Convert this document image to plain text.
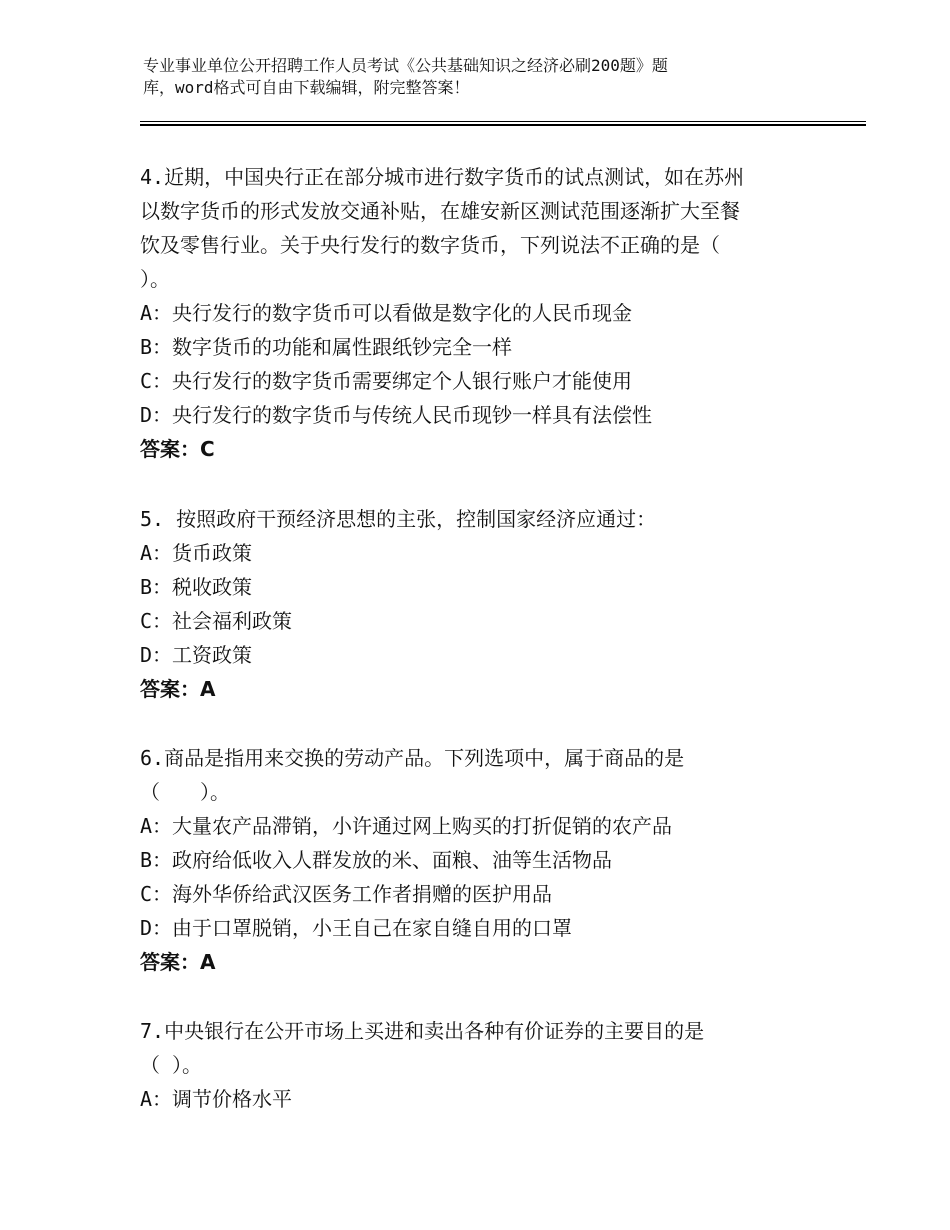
专业事业单位公开招聘工作人员考试《公共基础知识之经济必刷200题》题
库，word格式可自由下载编辑，附完整答案！
4.近期，中国央行正在部分城市进行数字货币的试点测试，如在苏州
以数字货币的形式发放交通补贴，在雄安新区测试范围逐渐扩大至餐
饮及零售行业。关于央行发行的数字货币，下列说法不正确的是（
）。
A：央行发行的数字货币可以看做是数字化的人民币现金
B：数字货币的功能和属性跟纸钞完全一样
C：央行发行的数字货币需要绑定个人银行账户才能使用
D：央行发行的数字货币与传统人民币现钞一样具有法偿性
答案：C
5. 按照政府干预经济思想的主张，控制国家经济应通过：
A：货币政策
B：税收政策
C：社会福利政策
D：工资政策
答案：A
6.商品是指用来交换的劳动产品。下列选项中，属于商品的是
（　　）。
A：大量农产品滞销，小许通过网上购买的打折促销的农产品
B：政府给低收入人群发放的米、面粮、油等生活物品
C：海外华侨给武汉医务工作者捐赠的医护用品
D：由于口罩脱销，小王自己在家自缝自用的口罩
答案：A
7.中央银行在公开市场上买进和卖出各种有价证券的主要目的是
（ ）。
A：调节价格水平
